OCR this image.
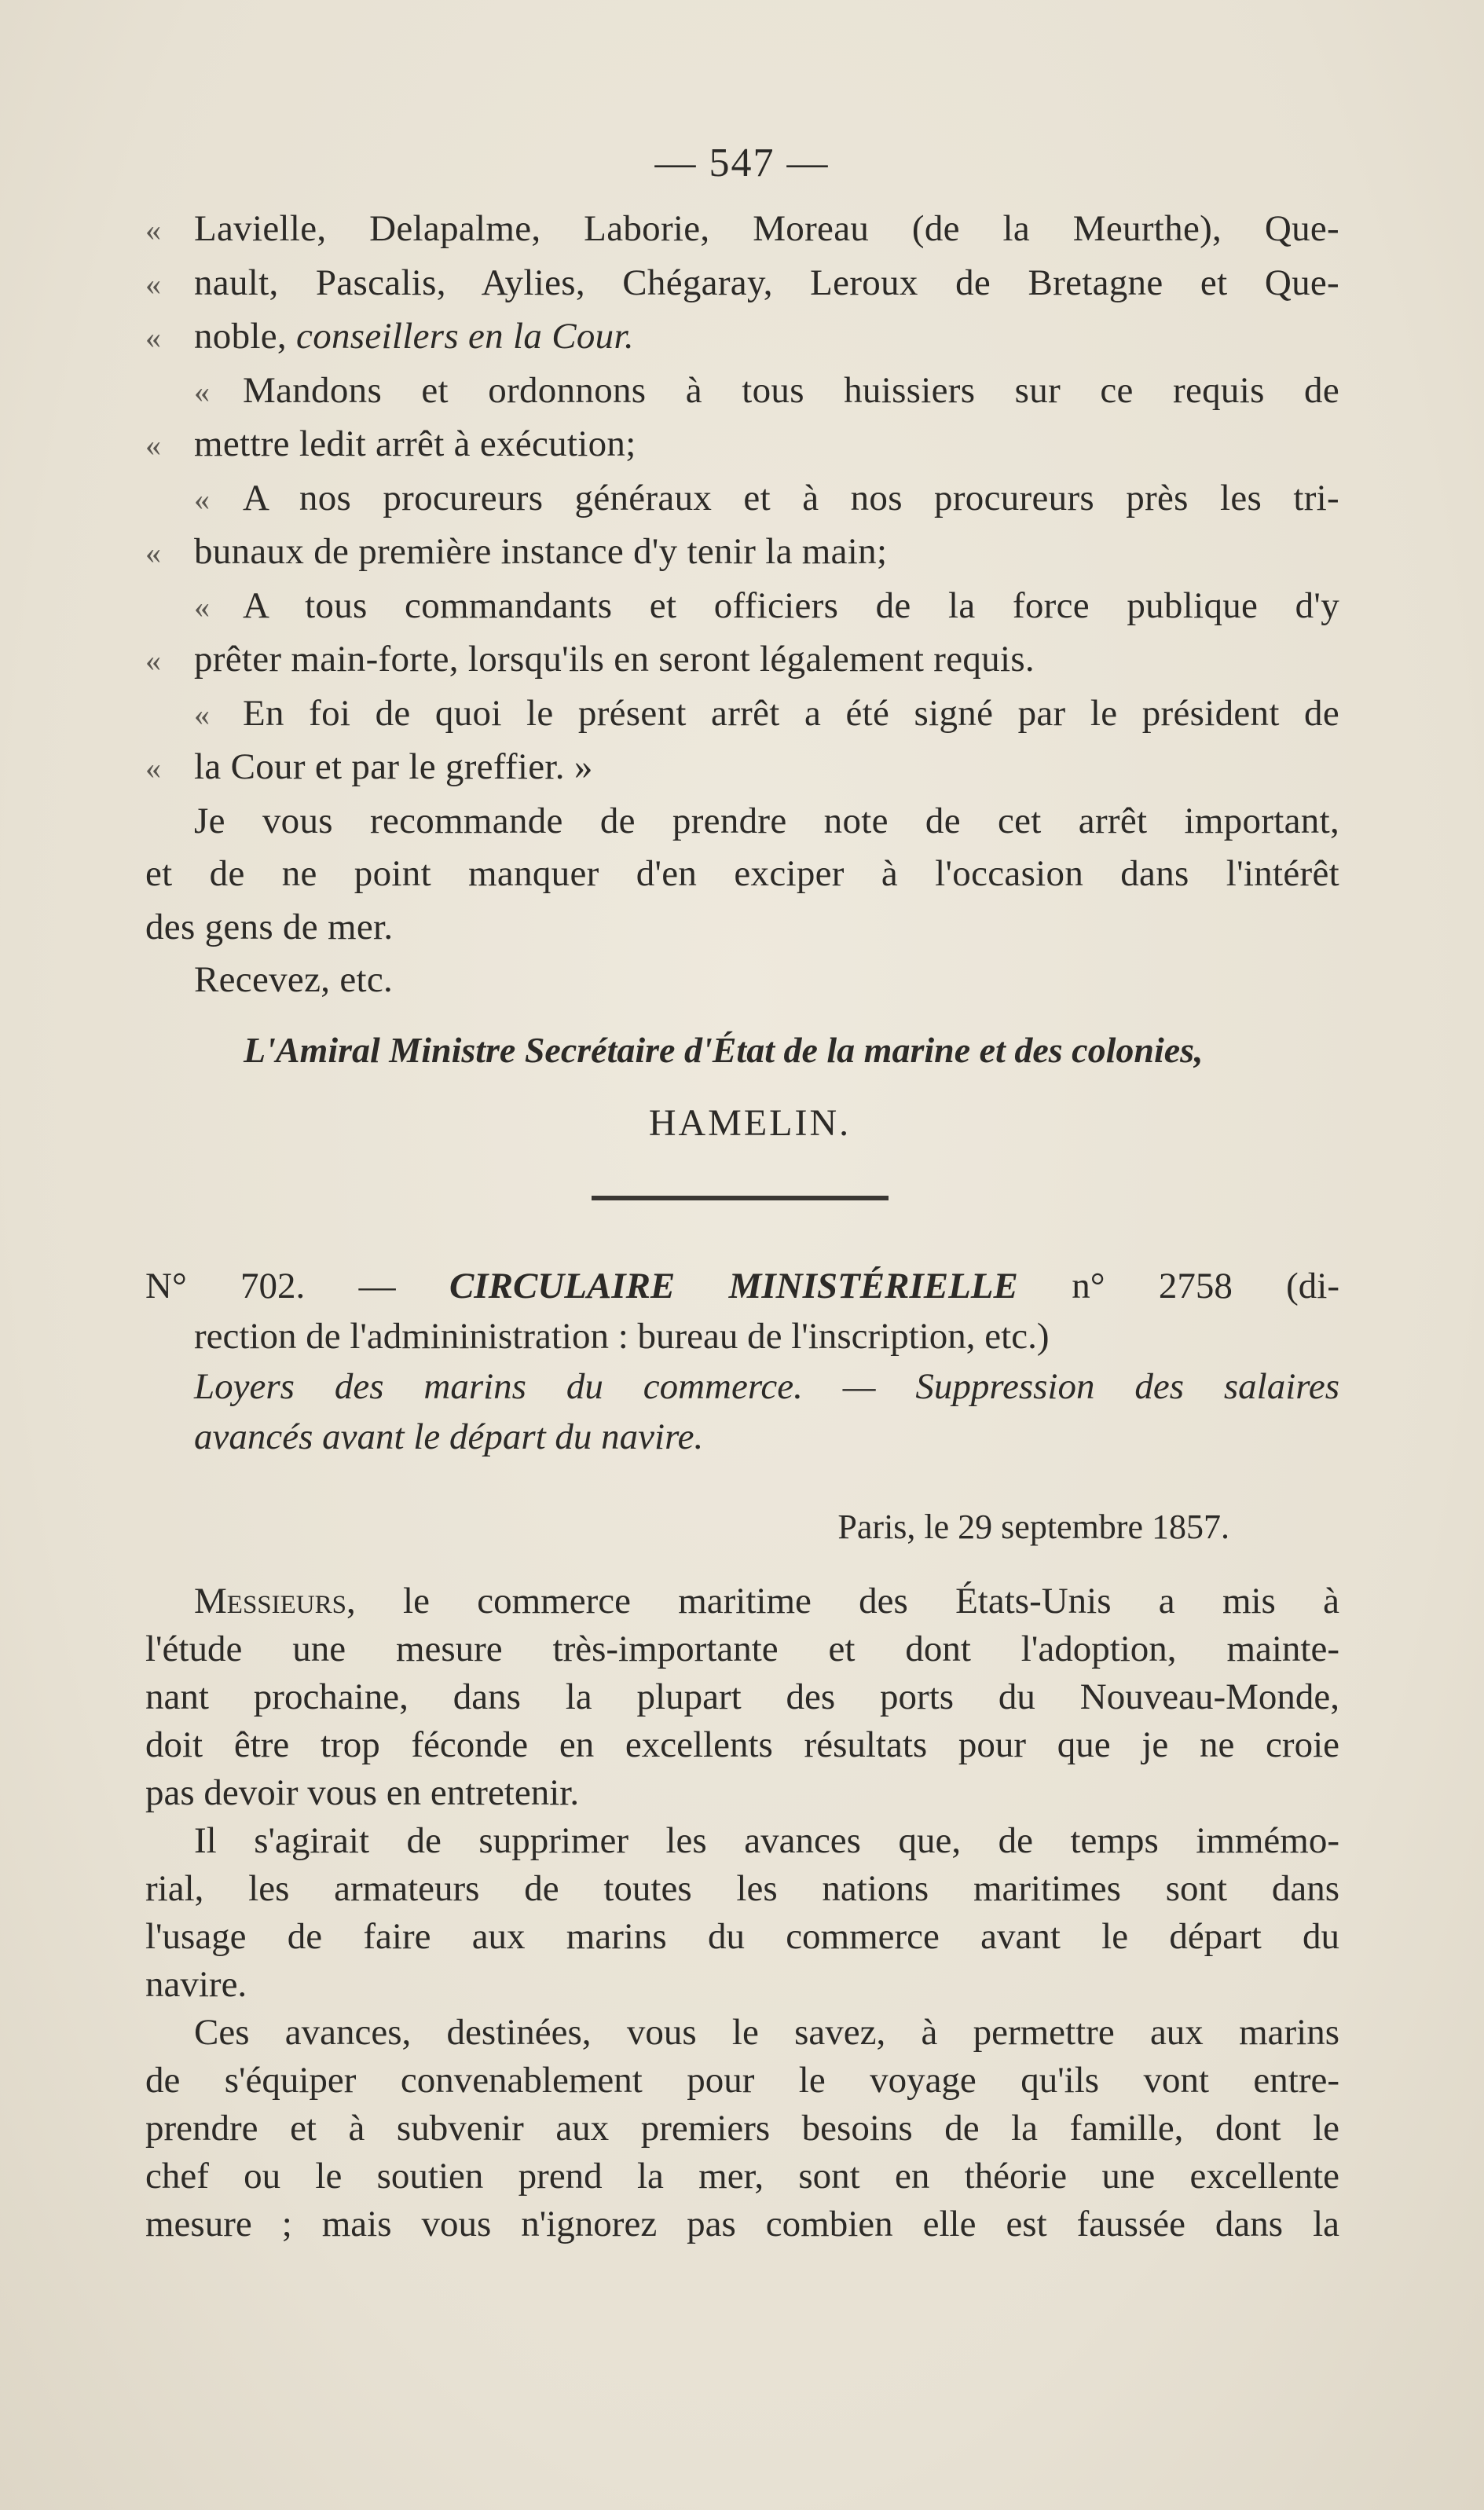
— 547 —
« Lavielle, Delapalme, Laborie, Moreau (de la Meurthe), Que-
« nault, Pascalis, Aylies, Chégaray, Leroux de Bretagne et Que-
« noble, conseillers en la Cour.
« Mandons et ordonnons à tous huissiers sur ce requis de
« mettre ledit arrêt à exécution;
« A nos procureurs généraux et à nos procureurs près les tri-
« bunaux de première instance d'y tenir la main;
« A tous commandants et officiers de la force publique d'y
« prêter main-forte, lorsqu'ils en seront légalement requis.
« En foi de quoi le présent arrêt a été signé par le président de
« la Cour et par le greffier. »
Je vous recommande de prendre note de cet arrêt important,
et de ne point manquer d'en exciper à l'occasion dans l'intérêt
des gens de mer.
Recevez, etc.
L'Amiral Ministre Secrétaire d'État de la marine et des colonies,
HAMELIN.
N° 702. — CIRCULAIRE MINISTÉRIELLE n° 2758 (di-
rection de l'admininistration : bureau de l'inscription, etc.)
Loyers des marins du commerce. — Suppression des salaires
avancés avant le départ du navire.
Paris, le 29 septembre 1857.
Messieurs, le commerce maritime des États-Unis a mis à
l'étude une mesure très-importante et dont l'adoption, mainte-
nant prochaine, dans la plupart des ports du Nouveau-Monde,
doit être trop féconde en excellents résultats pour que je ne croie
pas devoir vous en entretenir.
Il s'agirait de supprimer les avances que, de temps immémo-
rial, les armateurs de toutes les nations maritimes sont dans
l'usage de faire aux marins du commerce avant le départ du
navire.
Ces avances, destinées, vous le savez, à permettre aux marins
de s'équiper convenablement pour le voyage qu'ils vont entre-
prendre et à subvenir aux premiers besoins de la famille, dont le
chef ou le soutien prend la mer, sont en théorie une excellente
mesure ; mais vous n'ignorez pas combien elle est faussée dans la
